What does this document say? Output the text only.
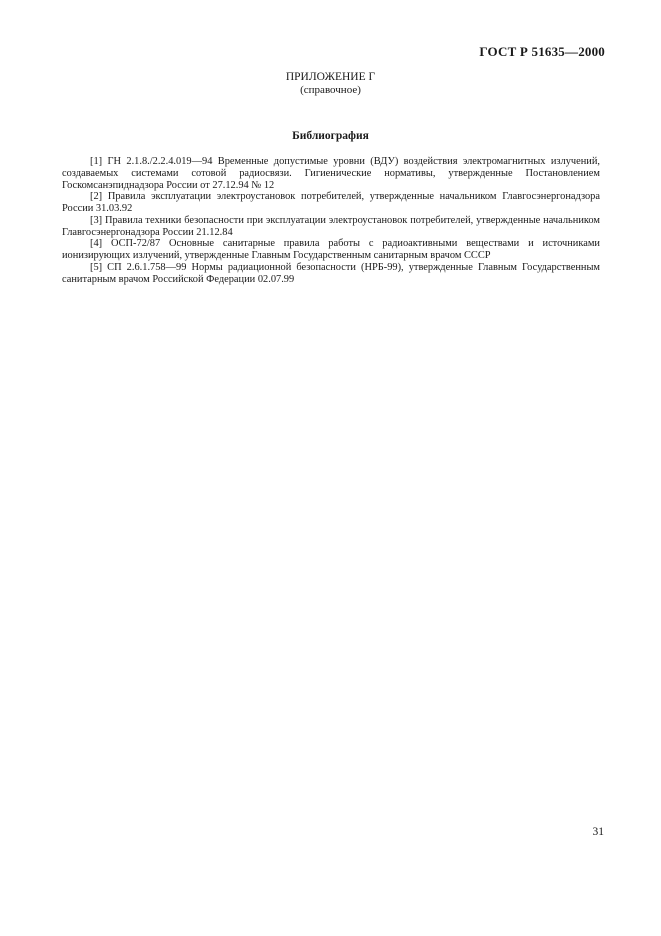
ГОСТ Р 51635—2000
ПРИЛОЖЕНИЕ Г
(справочное)
Библиография
[1] ГН 2.1.8./2.2.4.019—94 Временные допустимые уровни (ВДУ) воздействия электромагнитных излучений, создаваемых системами сотовой радиосвязи. Гигиенические нормативы, утвержденные Постановлением Госкомсанэпиднадзора России от 27.12.94 № 12
[2] Правила эксплуатации электроустановок потребителей, утвержденные начальником Главгосэнергонадзора России 31.03.92
[3] Правила техники безопасности при эксплуатации электроустановок потребителей, утвержденные начальником Главгосэнергонадзора России 21.12.84
[4] ОСП-72/87 Основные санитарные правила работы с радиоактивными веществами и источниками ионизирующих излучений, утвержденные Главным Государственным санитарным врачом СССР
[5] СП 2.6.1.758—99 Нормы радиационной безопасности (НРБ-99), утвержденные Главным Государственным санитарным врачом Российской Федерации 02.07.99
31
